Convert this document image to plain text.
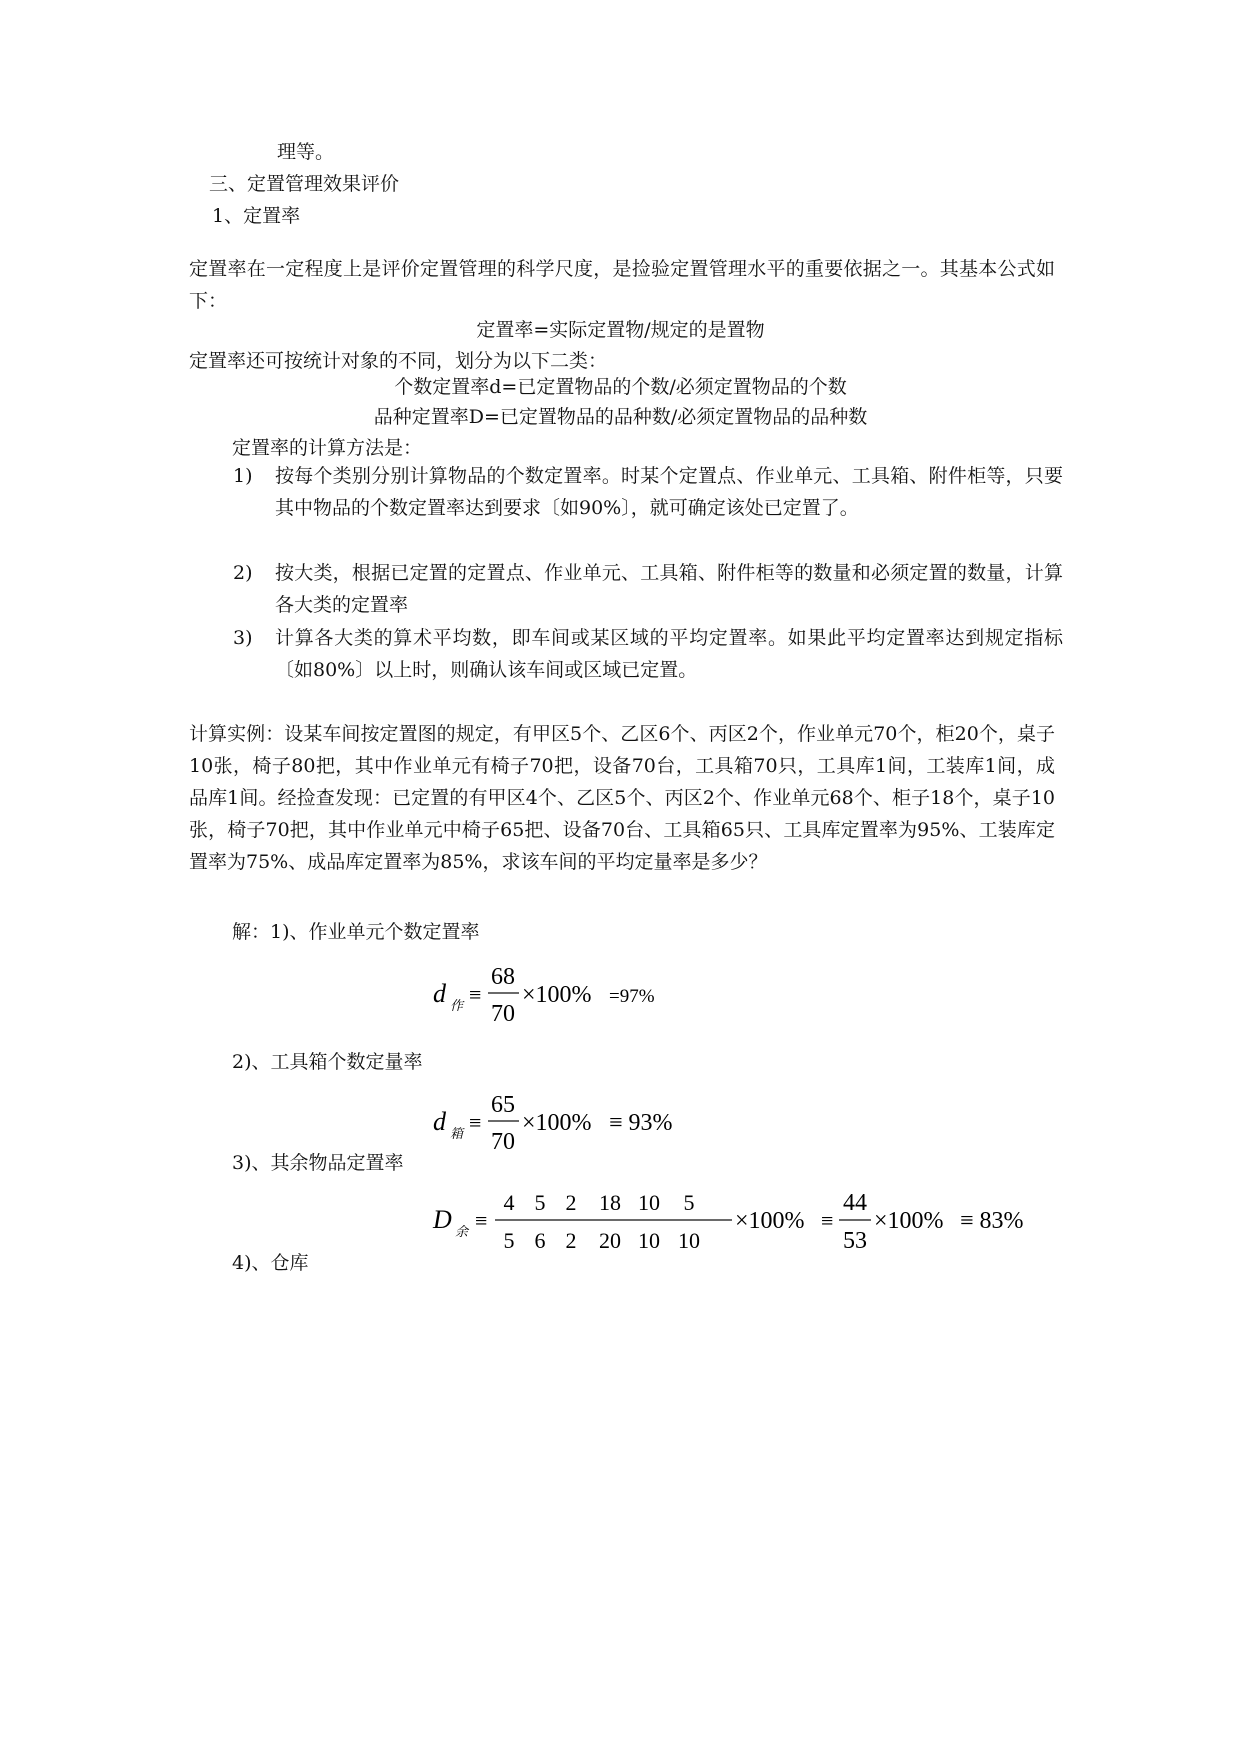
理等。
三、定置管理效果评价
1、定置率
定置率在一定程度上是评价定置管理的科学尺度，是捡验定置管理水平的重要依据之一。其基本公式如下：
定置率=实际定置物/规定的是置物
定置率还可按统计对象的不同，划分为以下二类：
个数定置率d=已定置物品的个数/必须定置物品的个数
品种定置率D=已定置物品的品种数/必须定置物品的品种数
定置率的计算方法是：
1) 按每个类别分别计算物品的个数定置率。时某个定置点、作业单元、工具箱、附件柜等，只要其中物品的个数定置率达到要求〔如90%〕，就可确定该处已定置了。
2) 按大类，根据已定置的定置点、作业单元、工具箱、附件柜等的数量和必须定置的数量，计算各大类的定置率
3) 计算各大类的算术平均数，即车间或某区域的平均定置率。如果此平均定置率达到规定指标〔如80%〕以上时，则确认该车间或区域已定置。
计算实例：设某车间按定置图的规定，有甲区5个、乙区6个、丙区2个，作业单元70个，柜20个，桌子10张，椅子80把，其中作业单元有椅子70把，设备70台，工具箱70只，工具库1间，工装库1间，成品库1间。经捡查发现：已定置的有甲区4个、乙区5个、丙区2个、作业单元68个、柜子18个，桌子10张，椅子70把，其中作业单元中椅子65把、设备70台、工具箱65只、工具库定置率为95%、工装库定置率为75%、成品库定置率为85%，求该车间的平均定量率是多少？
解：1)、作业单元个数定置率
d 作 ≡
68
70
×100% =97%
2)、工具箱个数定量率
d 箱 ≡
65
70
×100% ≡ 93%
3)、其余物品定置率
D 余 ≡
4 5 2 18 10 5
5 6 2 20 10 10
×100% ≡
44
53
×100% ≡ 83%
4)、仓库
